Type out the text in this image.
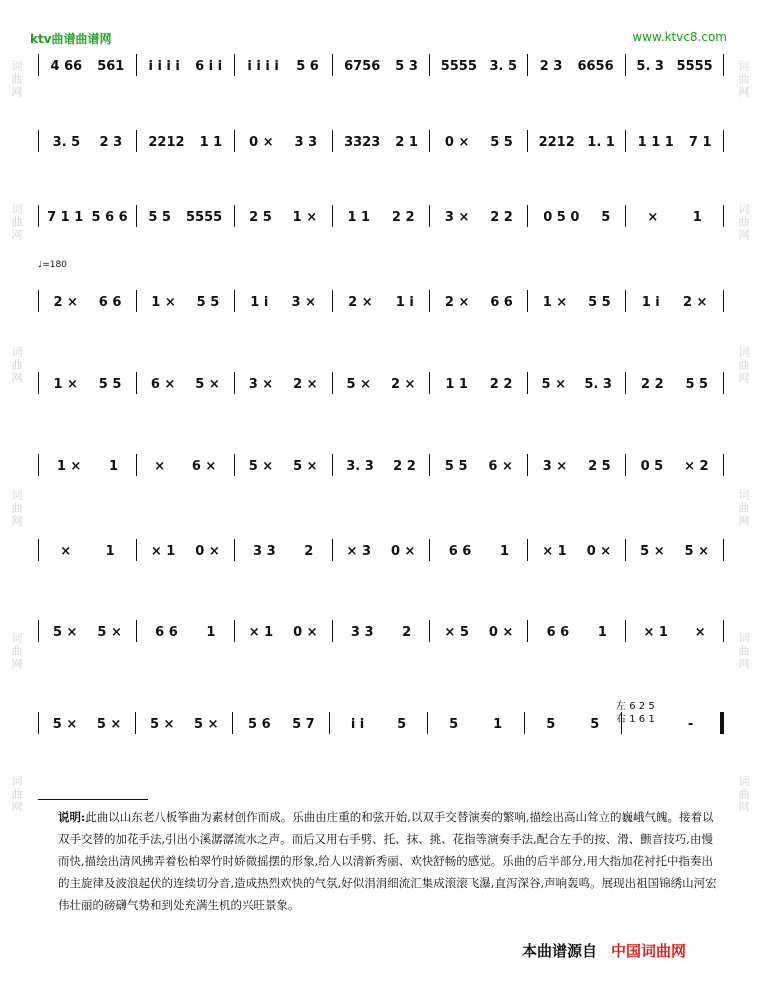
词曲网
词曲网
词曲网
词曲网
词曲网
词曲网
词曲网
词曲网
词曲网
词曲网
词曲网
词曲网
ktv曲谱曲谱网	www.ktvc8.com
♩=180
4 66 561 i i i i 6 i i i i i i 5 6 6756 5 3 5555 3. 5 2 3 6656 5. 3 5555
3. 5 2 3 2212 1 1 0 × 3 3 3323 2 1 0 × 5 5 2212 1. 1 1 1 1 7 1
7 1 1 5 6 6 5 5 5555 2 5 1 × 1 1 2 2 3 × 2 2 0 5 0 5	×	1
2 × 6 6 1 × 5 5 1 i 3 × 2 × 1 i 2 × 6 6 1 × 5 5 1 i 2 ×
1 × 5 5 6 × 5 × 3 × 2 × 5 × 2 × 1 1 2 2 5 × 5. 3 2 2 5 5
1 × 1	× 6 × 5 × 5 × 3. 3 2 2 5 5 6 × 3 × 2 5 0 5 × 2
×	1	× 1 0 ×	3 3 2	× 3 0 ×	6 6 1	× 1 0 × 5 × 5 ×
5 × 5 ×	6 6 1	× 1 0 ×	3 3 2	× 5 0 ×	6 6 1	× 1 ×
5 × 5 × 5 × 5 × 5 6 5 7	i i	5	5	1	5	5	-
左 6 2 5
右 1 6 1
说明:此曲以山东老八板筝曲为素材创作而成。乐曲由庄重的和弦开始,以双手交替演奏的繁响,描绘出高山耸立的巍峨气魄。接着以双手交替的加花手法,引出小溪潺潺流水之声。而后又用右手劈、托、抹、挑、花指等演奏手法,配合左手的按、滑、颤音技巧,由慢而快,描绘出清风拂弄着松柏翠竹时娇微摇摆的形象,给人以清新秀丽、欢快舒畅的感觉。乐曲的后半部分,用大指加花衬托中指奏出的主旋律及波浪起伏的连续切分音,造成热烈欢快的气氛,好似涓涓细流汇集成滚滚飞瀑,直泻深谷,声响轰鸣。展现出祖国锦绣山河宏伟壮丽的磅礴气势和到处充满生机的兴旺景象。
本曲谱源自 中国词曲网
